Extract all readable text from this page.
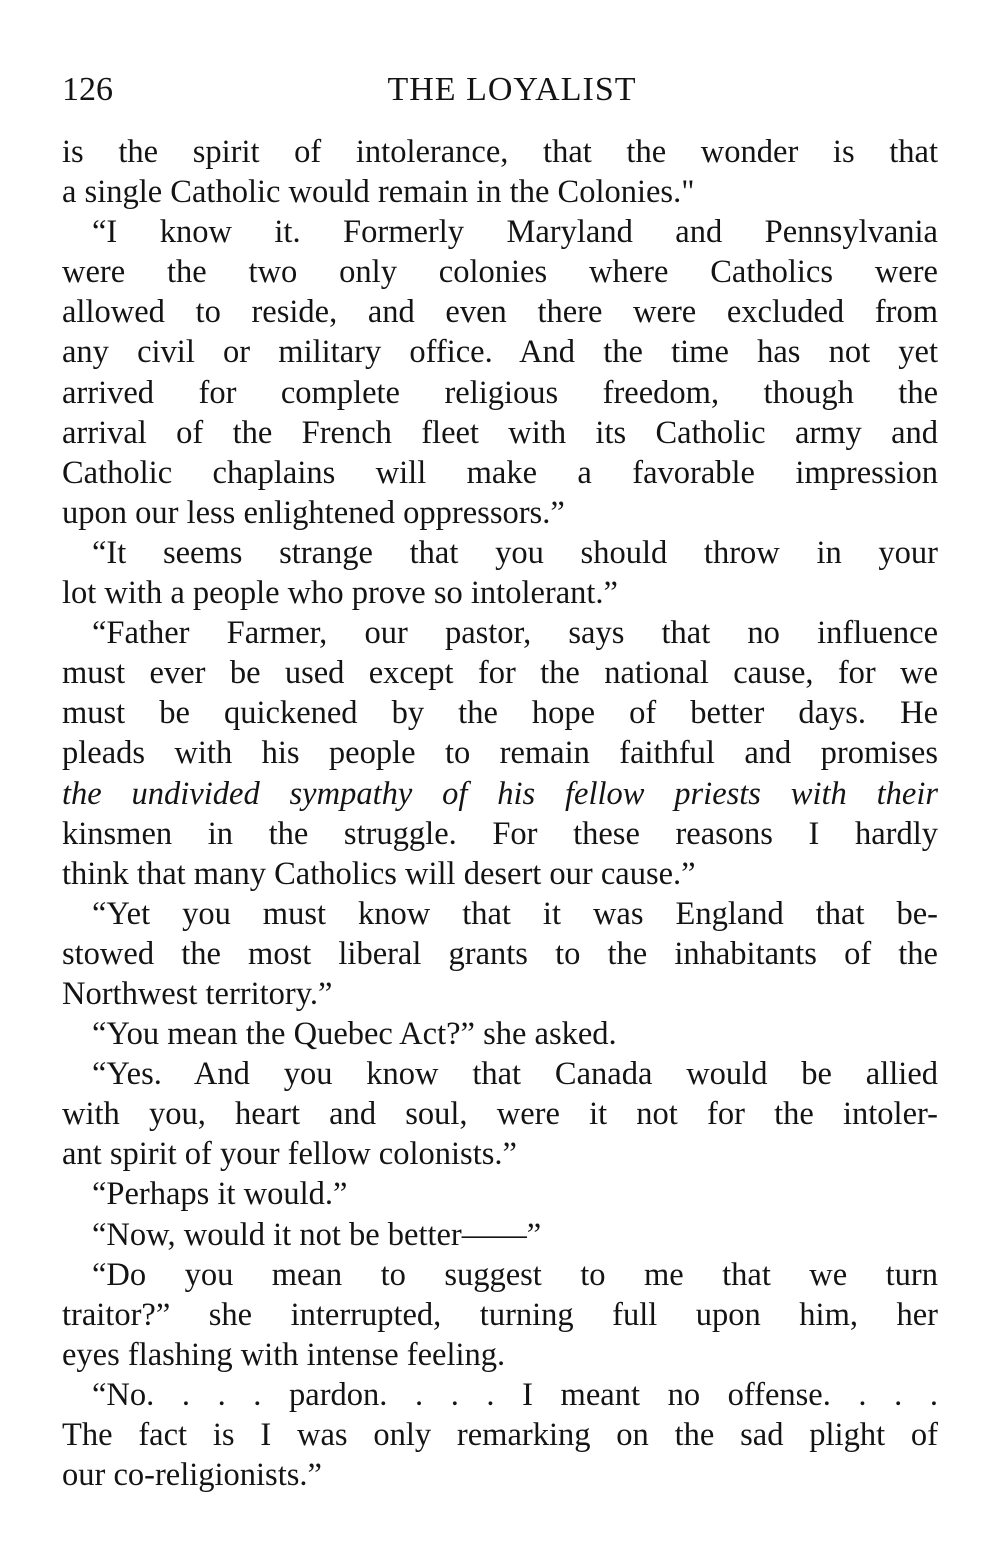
126	THE LOYALIST
is the spirit of intolerance, that the wonder is that
a single Catholic would remain in the Colonies."
“I know it. Formerly Maryland and Pennsylvania
were the two only colonies where Catholics were
allowed to reside, and even there were excluded from
any civil or military office. And the time has not yet
arrived for complete religious freedom, though the
arrival of the French fleet with its Catholic army and
Catholic chaplains will make a favorable impression
upon our less enlightened oppressors.”
“It seems strange that you should throw in your
lot with a people who prove so intolerant.”
“Father Farmer, our pastor, says that no influence
must ever be used except for the national cause, for we
must be quickened by the hope of better days. He
pleads with his people to remain faithful and promises
the undivided sympathy of his fellow priests with their
kinsmen in the struggle. For these reasons I hardly
think that many Catholics will desert our cause.”
“Yet you must know that it was England that be-
stowed the most liberal grants to the inhabitants of the
Northwest territory.”
“You mean the Quebec Act?” she asked.
“Yes. And you know that Canada would be allied
with you, heart and soul, were it not for the intoler-
ant spirit of your fellow colonists.”
“Perhaps it would.”
“Now, would it not be better——”
“Do you mean to suggest to me that we turn
traitor?” she interrupted, turning full upon him, her
eyes flashing with intense feeling.
“No. . . . pardon. . . . I meant no offense. . . .
The fact is I was only remarking on the sad plight of
our co-religionists.”
